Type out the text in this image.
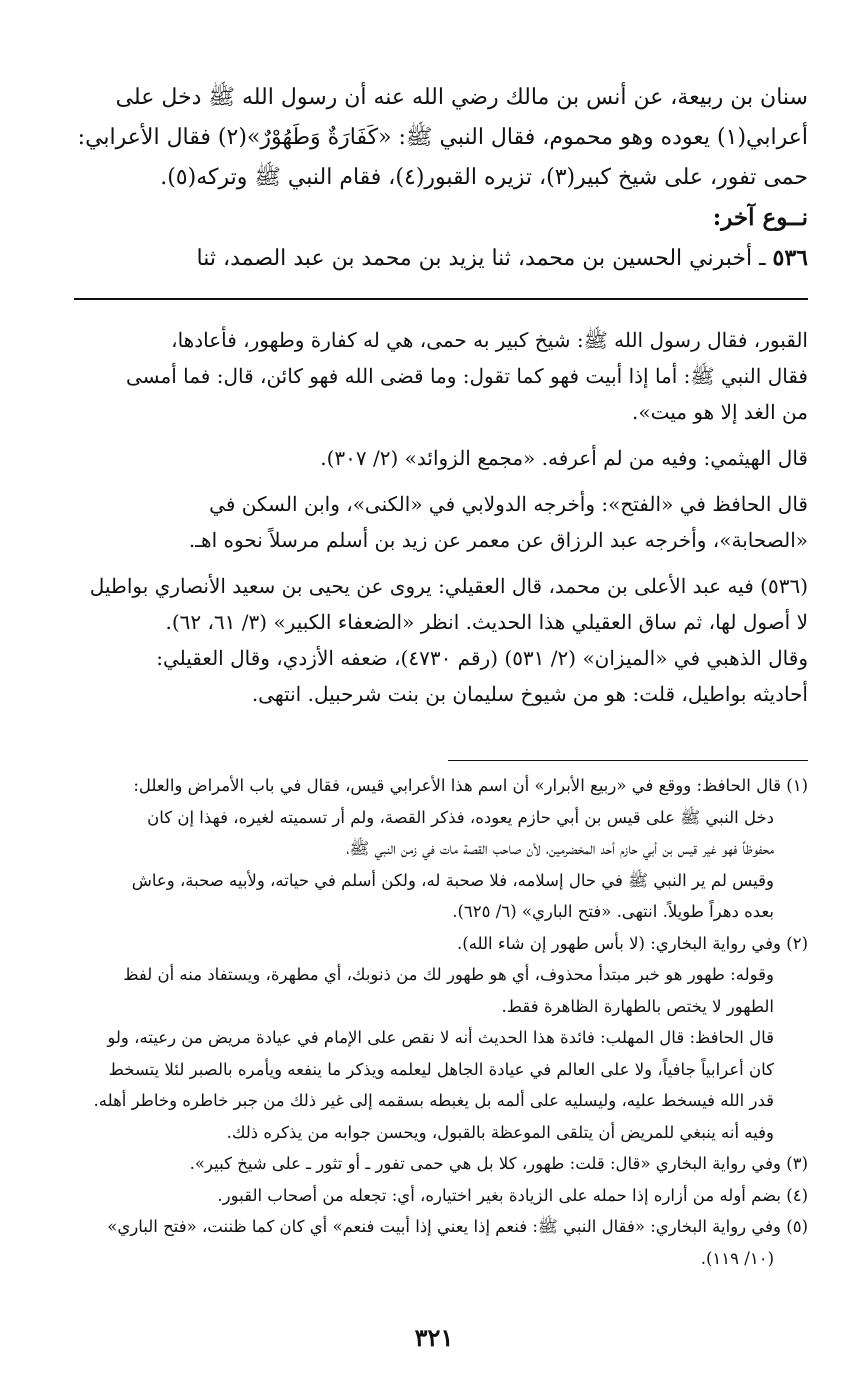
سنان بن ربيعة، عن أنس بن مالك رضي الله عنه أن رسول الله ﷺ دخل على
أعرابي(١) يعوده وهو محموم، فقال النبي ﷺ: «كَفَارَةٌ وَطَهُوْرٌ»(٢) فقال الأعرابي:
حمى تفور، على شيخ كبير(٣)، تزيره القبور(٤)، فقام النبي ﷺ وتركه(٥).
نــوع آخر:
٥٣٦ ـ أخبرني الحسين بن محمد، ثنا يزيد بن محمد بن عبد الصمد، ثنا
القبور، فقال رسول الله ﷺ: شيخ كبير به حمى، هي له كفارة وطهور، فأعادها،
فقال النبي ﷺ: أما إذا أبيت فهو كما تقول: وما قضى الله فهو كائن، قال: فما أمسى
من الغد إلا هو ميت».
قال الهيثمي: وفيه من لم أعرفه. «مجمع الزوائد» (٢/ ٣٠٧).
قال الحافظ في «الفتح»: وأخرجه الدولابي في «الكنى»، وابن السكن في
«الصحابة»، وأخرجه عبد الرزاق عن معمر عن زيد بن أسلم مرسلاً نحوه اهـ.
(٥٣٦) فيه عبد الأعلى بن محمد، قال العقيلي: يروى عن يحيى بن سعيد الأنصاري بواطيل
لا أصول لها، ثم ساق العقيلي هذا الحديث. انظر «الضعفاء الكبير» (٣/ ٦١، ٦٢).
وقال الذهبي في «الميزان» (٢/ ٥٣١) (رقم ٤٧٣٠)، ضعفه الأزدي، وقال العقيلي:
أحاديثه بواطيل، قلت: هو من شيوخ سليمان بن بنت شرحبيل. انتهى.
(١) قال الحافظ: ووقع في «ربيع الأبرار» أن اسم هذا الأعرابي قيس، فقال في باب الأمراض والعلل:
دخل النبي ﷺ على قيس بن أبي حازم يعوده، فذكر القصة، ولم أر تسميته لغيره، فهذا إن كان
محفوظاً فهو غير قيس بن أبي حازم أحد المخضرمين، لأن صاحب القصة مات في زمن النبي ﷺ،
وقيس لم ير النبي ﷺ في حال إسلامه، فلا صحبة له، ولكن أسلم في حياته، ولأبيه صحبة، وعاش
بعده دهراً طويلاً. انتهى. «فتح الباري» (٦/ ٦٢٥).
(٢) وفي رواية البخاري: (لا بأس طهور إن شاء الله).
وقوله: طهور هو خبر مبتدأ محذوف، أي هو طهور لك من ذنوبك، أي مطهرة، ويستفاد منه أن لفظ
الطهور لا يختص بالطهارة الظاهرة فقط.
قال الحافظ: قال المهلب: فائدة هذا الحديث أنه لا نقص على الإمام في عيادة مريض من رعيته، ولو
كان أعرابياً جافياً، ولا على العالم في عيادة الجاهل ليعلمه ويذكر ما ينفعه ويأمره بالصبر لئلا يتسخط
قدر الله فيسخط عليه، وليسليه على ألمه بل يغبطه بسقمه إلى غير ذلك من جبر خاطره وخاطر أهله.
وفيه أنه ينبغي للمريض أن يتلقى الموعظة بالقبول، ويحسن جوابه من يذكره ذلك.
(٣) وفي رواية البخاري «قال: قلت: طهور، كلا بل هي حمى تفور ـ أو تثور ـ على شيخ كبير».
(٤) بضم أوله من أزاره إذا حمله على الزيادة بغير اختياره، أي: تجعله من أصحاب القبور.
(٥) وفي رواية البخاري: «فقال النبي ﷺ: فنعم إذا يعني إذا أبيت فنعم» أي كان كما ظننت، «فتح الباري»
(١٠/ ١١٩).
٣٢١
